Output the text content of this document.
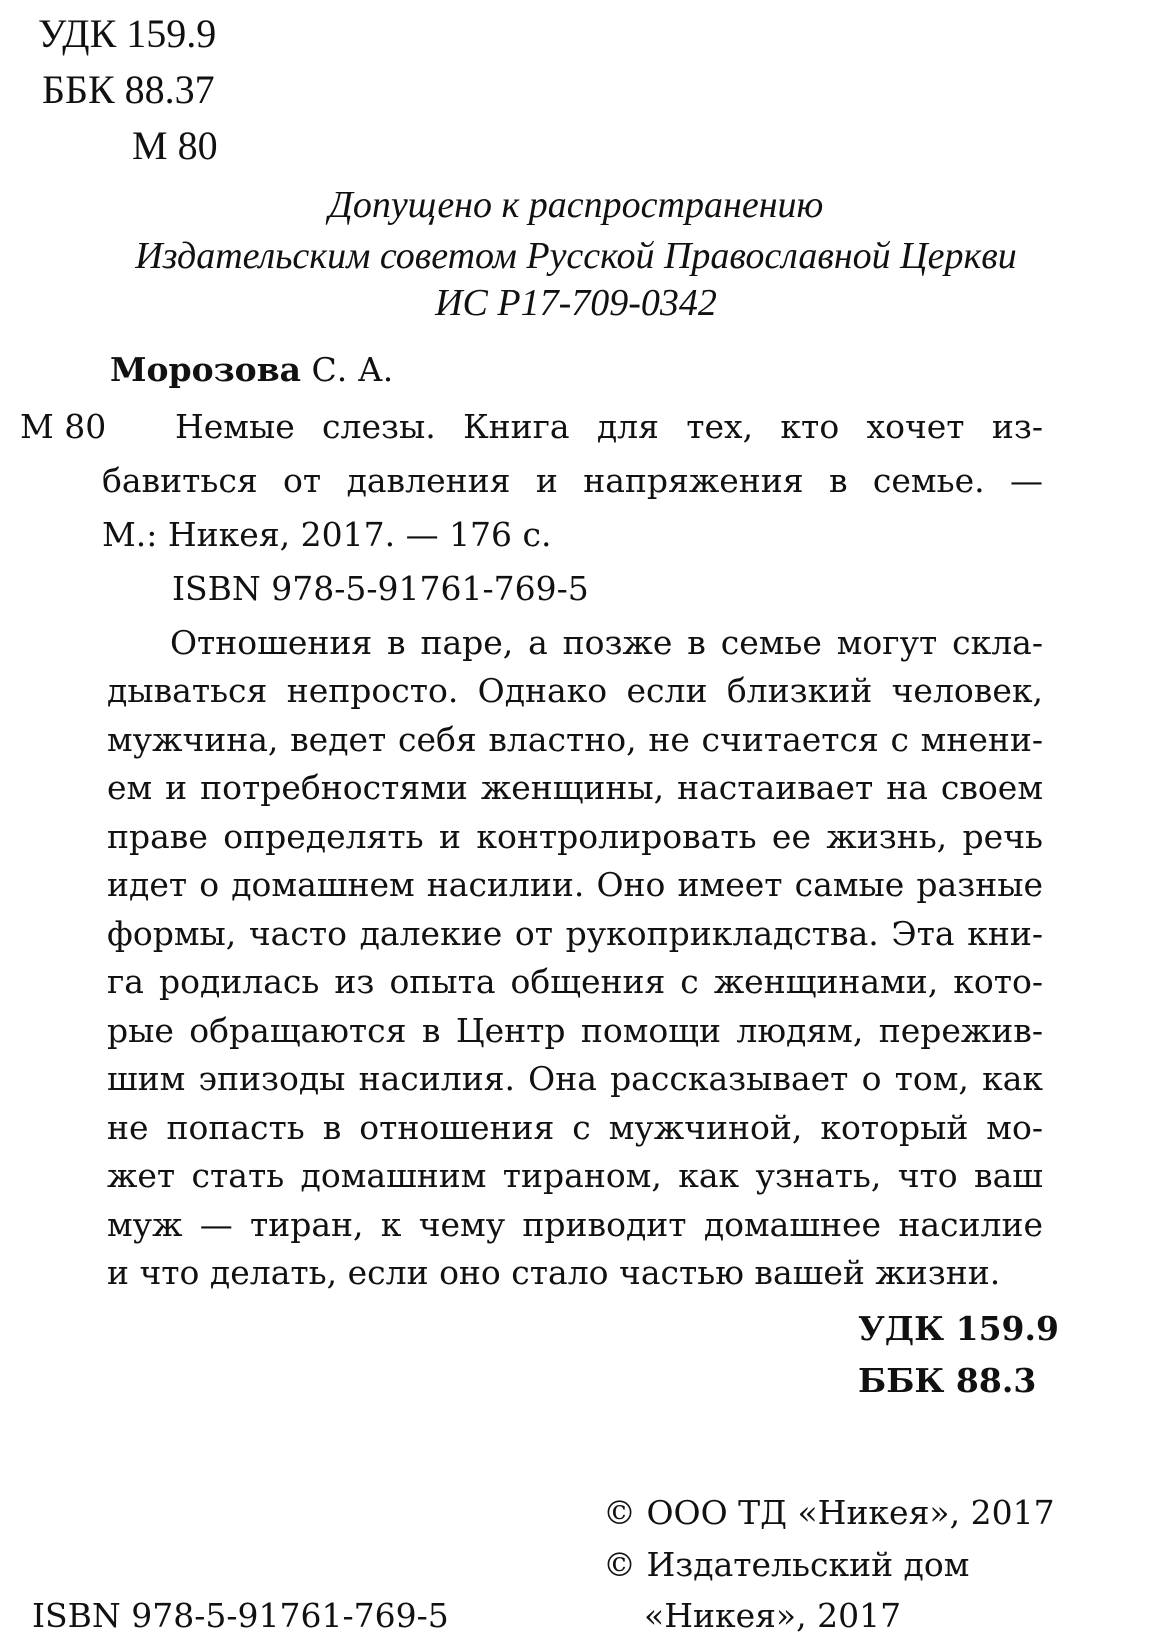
УДК 159.9
ББК 88.37
М 80
Допущено к распространению
Издательским советом Русской Православной Церкви
ИС Р17-709-0342
Морозова С. А.
М 80 Немые слезы. Книга для тех, кто хочет из-
бавиться от давления и напряжения в семье. —
М.: Никея, 2017. — 176 с.
ISBN 978-5-91761-769-5
Отношения в паре, а позже в семье могут скла-
дываться непросто. Однако если близкий человек,
мужчина, ведет себя властно, не считается с мнени-
ем и потребностями женщины, настаивает на своем
праве определять и контролировать ее жизнь, речь
идет о домашнем насилии. Оно имеет самые разные
формы, часто далекие от рукоприкладства. Эта кни-
га родилась из опыта общения с женщинами, кото-
рые обращаются в Центр помощи людям, пережив-
шим эпизоды насилия. Она рассказывает о том, как
не попасть в отношения с мужчиной, который мо-
жет стать домашним тираном, как узнать, что ваш
муж — тиран, к чему приводит домашнее насилие
и что делать, если оно стало частью вашей жизни.
УДК 159.9
ББК 88.3
© ООО ТД «Никея», 2017
© Издательский дом
«Никея», 2017
ISBN 978-5-91761-769-5
